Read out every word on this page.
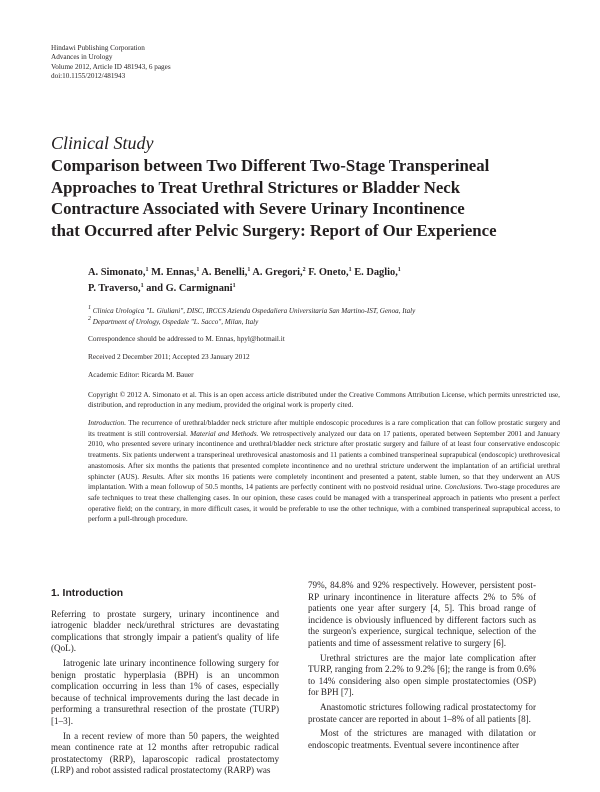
Hindawi Publishing Corporation
Advances in Urology
Volume 2012, Article ID 481943, 6 pages
doi:10.1155/2012/481943
Clinical Study
Comparison between Two Different Two-Stage Transperineal
Approaches to Treat Urethral Strictures or Bladder Neck
Contracture Associated with Severe Urinary Incontinence
that Occurred after Pelvic Surgery: Report of Our Experience
A. Simonato,$^1$ M. Ennas,$^1$ A. Benelli,$^1$ A. Gregori,$^2$ F. Oneto,$^1$ E. Daglio,$^1$
P. Traverso,$^1$ and G. Carmignani$^1$
$^1$ Clinica Urologica "L. Giuliani", DISC, IRCCS Azienda Ospedaliera Universitaria San Martino-IST, Genoa, Italy
$^2$ Department of Urology, Ospedale "L. Sacco", Milan, Italy
Correspondence should be addressed to M. Ennas, hpyl@hotmail.it
Received 2 December 2011; Accepted 23 January 2012
Academic Editor: Ricarda M. Bauer
Copyright © 2012 A. Simonato et al. This is an open access article distributed under the Creative Commons Attribution License, which permits unrestricted use, distribution, and reproduction in any medium, provided the original work is properly cited.
Introduction. The recurrence of urethral/bladder neck stricture after multiple endoscopic procedures is a rare complication that can follow prostatic surgery and its treatment is still controversial. Material and Methods. We retrospectively analyzed our data on 17 patients, operated between September 2001 and January 2010, who presented severe urinary incontinence and urethral/bladder neck stricture after prostatic surgery and failure of at least four conservative endoscopic treatments. Six patients underwent a transperineal urethrovesical anastomosis and 11 patients a combined transperineal suprapubical (endoscopic) urethrovesical anastomosis. After six months the patients that presented complete incontinence and no urethral stricture underwent the implantation of an artificial urethral sphincter (AUS). Results. After six months 16 patients were completely incontinent and presented a patent, stable lumen, so that they underwent an AUS implantation. With a mean followup of 50.5 months, 14 patients are perfectly continent with no postvoid residual urine. Conclusions. Two-stage procedures are safe techniques to treat these challenging cases. In our opinion, these cases could be managed with a transperineal approach in patients who present a perfect operative field; on the contrary, in more difficult cases, it would be preferable to use the other technique, with a combined transperineal suprapubical access, to perform a pull-through procedure.
1. Introduction

Referring to prostate surgery, urinary incontinence and iatrogenic bladder neck/urethral strictures are devastating complications that strongly impair a patient's quality of life (QoL).

Iatrogenic late urinary incontinence following surgery for benign prostatic hyperplasia (BPH) is an uncommon complication occurring in less than 1% of cases, especially because of technical improvements during the last decade in performing a transurethral resection of the prostate (TURP) [1–3].

In a recent review of more than 50 papers, the weighted mean continence rate at 12 months after retropubic radical prostatectomy (RRP), laparoscopic radical prostatectomy (LRP) and robot assisted radical prostatectomy (RARP) was

79%, 84.8% and 92% respectively. However, persistent post-RP urinary incontinence in literature affects 2% to 5% of patients one year after surgery [4, 5]. This broad range of incidence is obviously influenced by different factors such as the surgeon's experience, surgical technique, selection of the patients and time of assessment relative to surgery [6].

Urethral strictures are the major late complication after TURP, ranging from 2.2% to 9.2% [6]; the range is from 0.6% to 14% considering also open simple prostatectomies (OSP) for BPH [7].

Anastomotic strictures following radical prostatectomy for prostate cancer are reported in about 1–8% of all patients [8].

Most of the strictures are managed with dilatation or endoscopic treatments. Eventual severe incontinence after
